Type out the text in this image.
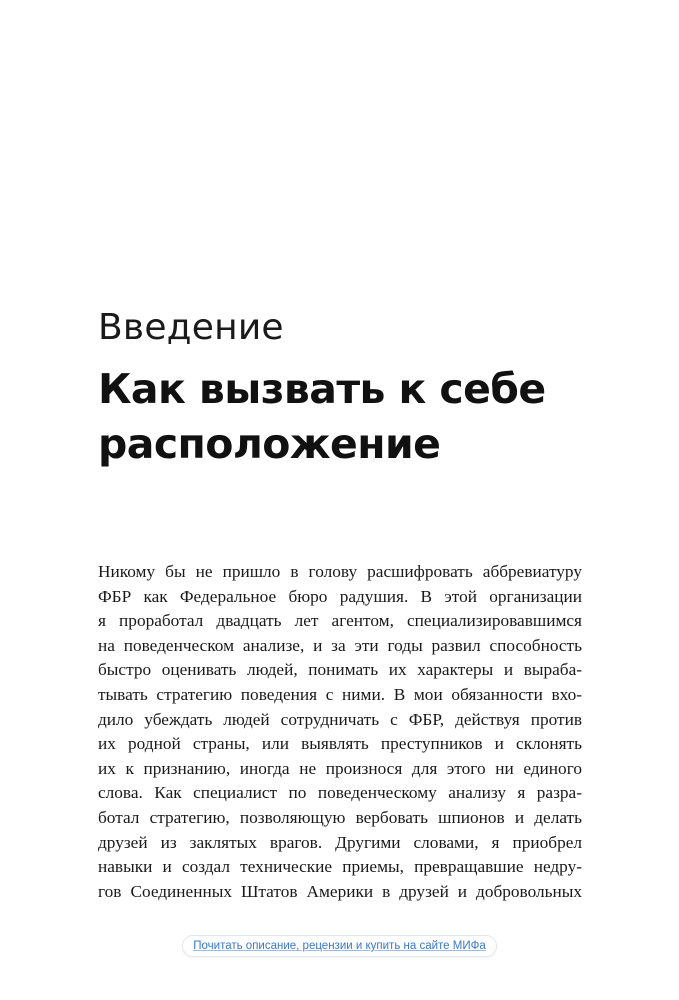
Введение
Как вызвать к себе
расположение
Никому бы не пришло в голову расшифровать аббревиатуру
ФБР как Федеральное бюро радушия. В этой организации
я проработал двадцать лет агентом, специализировавшимся
на поведенческом анализе, и за эти годы развил способность
быстро оценивать людей, понимать их характеры и выраба-
тывать стратегию поведения с ними. В мои обязанности вхо-
дило убеждать людей сотрудничать с ФБР, действуя против
их родной страны, или выявлять преступников и склонять
их к признанию, иногда не произнося для этого ни единого
слова. Как специалист по поведенческому анализу я разра-
ботал стратегию, позволяющую вербовать шпионов и делать
друзей из заклятых врагов. Другими словами, я приобрел
навыки и создал технические приемы, превращавшие недру-
гов Соединенных Штатов Америки в друзей и добровольных
Почитать описание, рецензии и купить на сайте МИФа
